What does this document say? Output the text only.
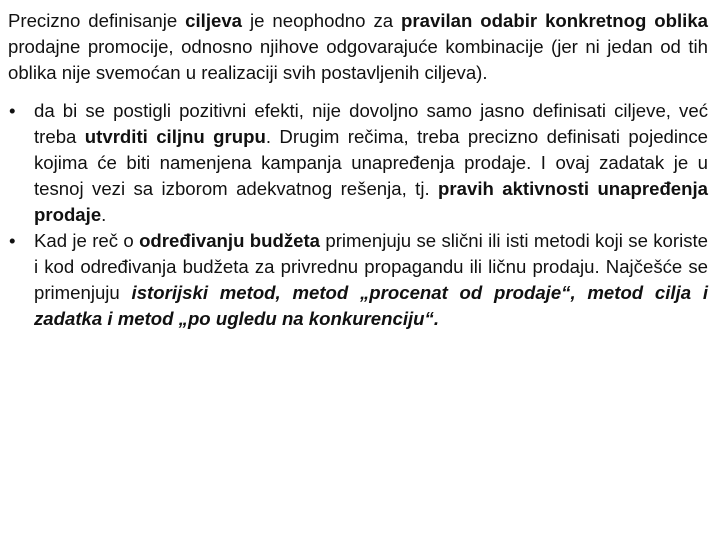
Precizno definisanje ciljeva je neophodno za pravilan odabir konkretnog oblika prodajne promocije, odnosno njihove odgovarajuće kombinacije (jer ni jedan od tih oblika nije svemoćan u realizaciji svih postavljenih ciljeva).

• da bi se postigli pozitivni efekti, nije dovoljno samo jasno definisati ciljeve, već treba utvrditi ciljnu grupu. Drugim rečima, treba precizno definisati pojedince kojima će biti namenjena kampanja unapređenja prodaje. I ovaj zadatak je u tesnoj vezi sa izborom adekvatnog rešenja, tj. pravih aktivnosti unapređenja prodaje.
• Kad je reč o određivanju budžeta primenjuju se slični ili isti metodi koji se koriste i kod određivanja budžeta za privrednu propagandu ili ličnu prodaju. Najčešće se primenjuju istorijski metod, metod „procenat od prodaje“, metod cilja i zadatka i metod „po ugledu na konkurenciju“.
